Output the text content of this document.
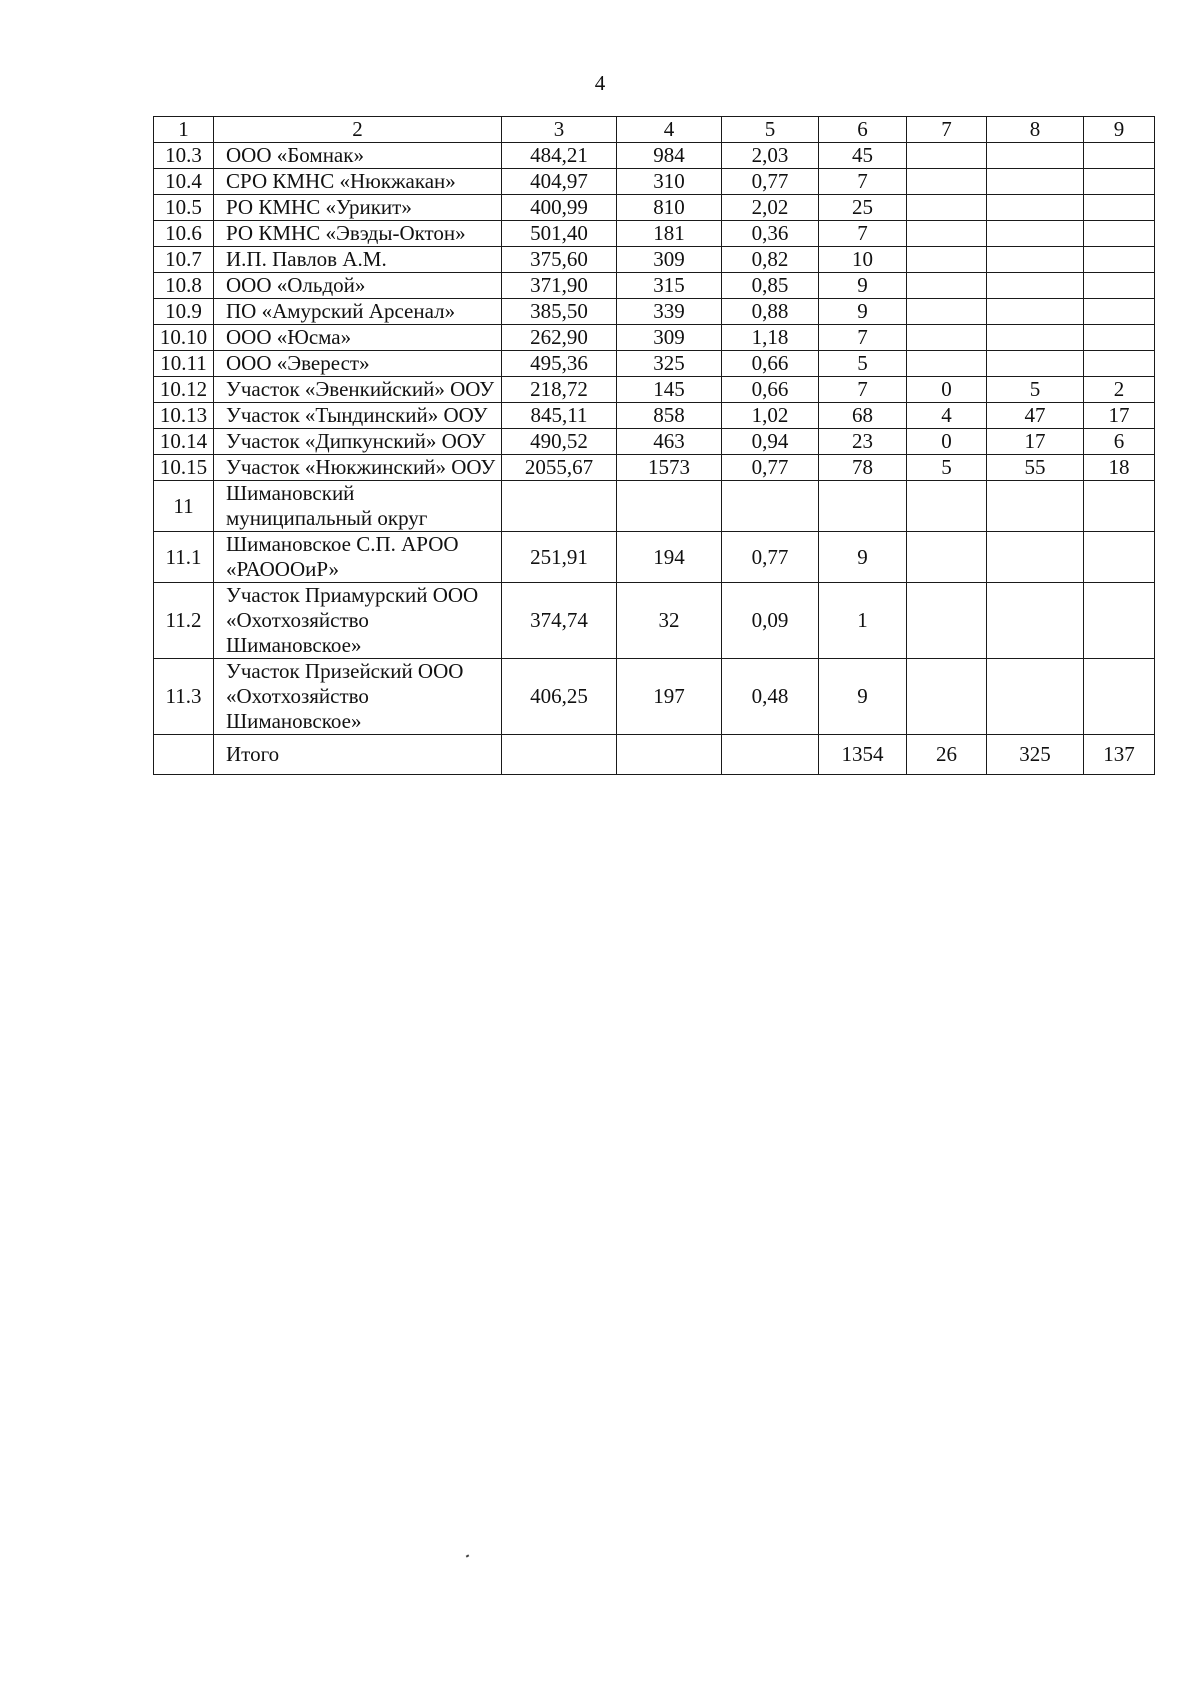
4
1	2	3	4	5	6	7	8	9
10.3	ООО «Бомнак»	484,21	984	2,03	45			
10.4	СРО КМНС «Нюкжакан»	404,97	310	0,77	7			
10.5	РО КМНС «Урикит»	400,99	810	2,02	25			
10.6	РО КМНС «Эвэды-Октон»	501,40	181	0,36	7			
10.7	И.П. Павлов А.М.	375,60	309	0,82	10			
10.8	ООО «Ольдой»	371,90	315	0,85	9			
10.9	ПО «Амурский Арсенал»	385,50	339	0,88	9			
10.10	ООО «Юсма»	262,90	309	1,18	7			
10.11	ООО «Эверест»	495,36	325	0,66	5			
10.12	Участок «Эвенкийский» ООУ	218,72	145	0,66	7	0	5	2
10.13	Участок «Тындинский» ООУ	845,11	858	1,02	68	4	47	17
10.14	Участок «Дипкунский» ООУ	490,52	463	0,94	23	0	17	6
10.15	Участок «Нюкжинский» ООУ	2055,67	1573	0,77	78	5	55	18
11	Шимановский муниципальный округ							
11.1	Шимановское С.П. АРОО «РАОООиР»	251,91	194	0,77	9			
11.2	Участок Приамурский ООО «Охотхозяйство Шимановское»	374,74	32	0,09	1			
11.3	Участок Призейский ООО «Охотхозяйство Шимановское»	406,25	197	0,48	9			
	Итого				1354	26	325	137
